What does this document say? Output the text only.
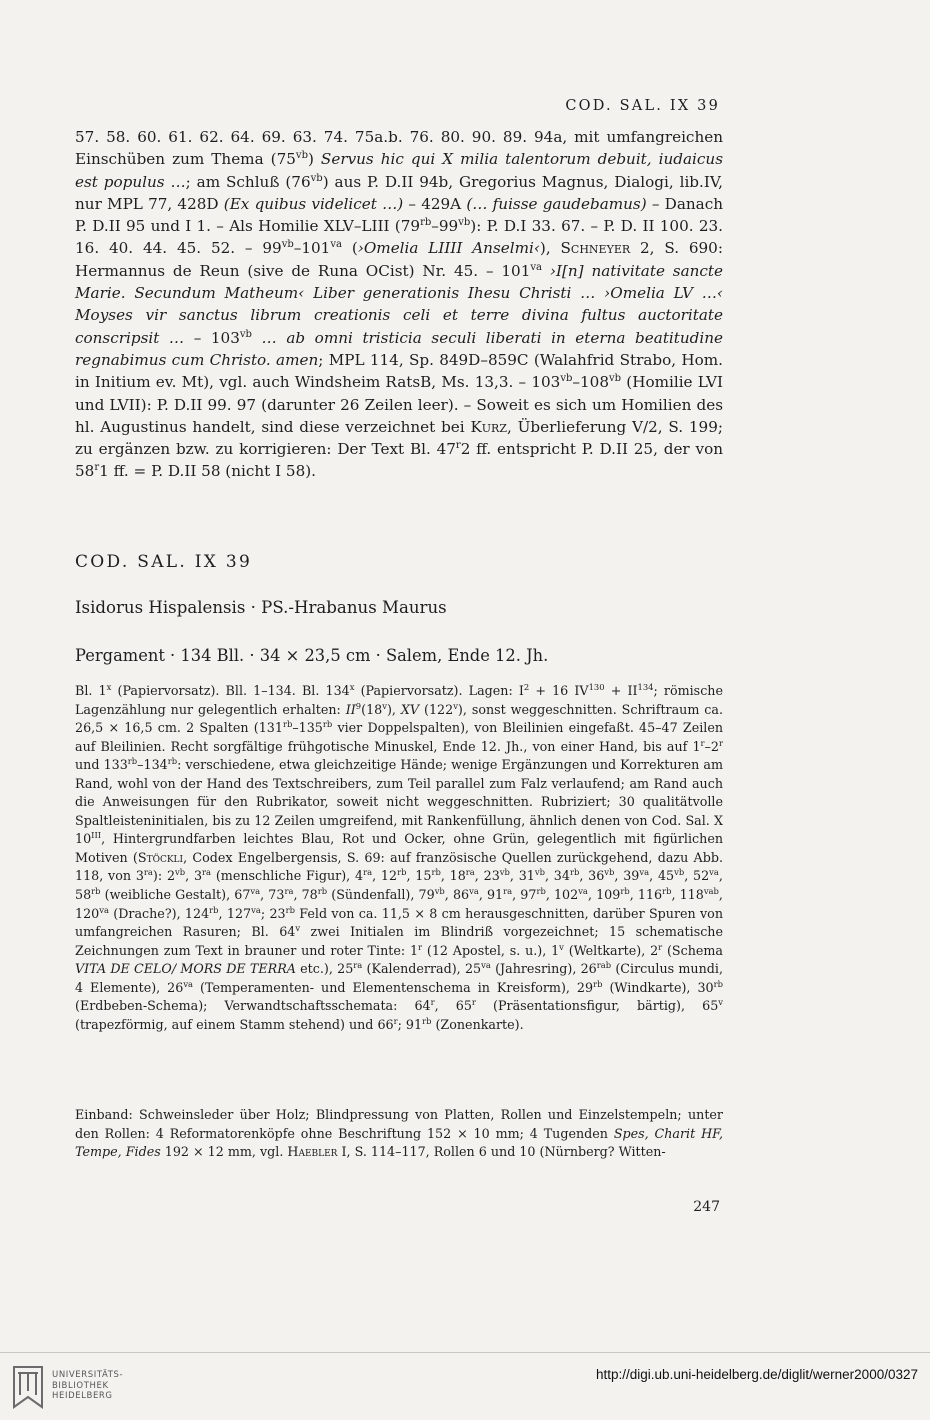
COD. SAL. IX 39

57. 58. 60. 61. 62. 64. 69. 63. 74. 75a.b. 76. 80. 90. 89. 94a, mit umfangreichen Einschüben zum Thema $(75^{vb})$ Servus hic qui X milia talentorum debuit, iudaicus est populus …; am Schluß $(76^{vb})$ aus P. D.II 94b, Gregorius Magnus, Dialogi, lib.IV, nur MPL 77, 428D (Ex quibus videlicet …) – 429A (… fuisse gaudebamus) – Danach P. D.II 95 und I 1. – Als Homilie XLV–LIII $(79^{rb}-99^{vb})$: P. D.I 33. 67. – P. D. II 100. 23. 16. 40. 44. 45. 52. – $99^{vb}-101^{va}$ (›Omelia LIIII Anselmi‹), Schneyer 2, S. 690: Hermannus de Reun (sive de Runa OCist) Nr. 45. – $101^{va}$ ›I[n] nativitate sancte Marie. Secundum Matheum‹ Liber generationis Ihesu Christi … ›Omelia LV …‹ Moyses vir sanctus librum creationis celi et terre divina fultus auctoritate conscripsit … – $103^{vb}$ … ab omni tristicia seculi liberati in eterna beatitudine regnabimus cum Christo. amen; MPL 114, Sp. 849D–859C (Walahfrid Strabo, Hom. in Initium ev. Mt), vgl. auch Windsheim RatsB, Ms. 13,3. – $103^{vb}-108^{vb}$ (Homilie LVI und LVII): P. D.II 99. 97 (darunter 26 Zeilen leer). – Soweit es sich um Homilien des hl. Augustinus handelt, sind diese verzeichnet bei Kurz, Überlieferung V/2, S. 199; zu ergänzen bzw. zu korrigieren: Der Text Bl. 47$^r$2 ff. entspricht P. D.II 25, der von 58$^r$1 ff. = P. D.II 58 (nicht I 58).

COD. SAL. IX 39
Isidorus Hispalensis · PS.-Hrabanus Maurus
Pergament · 134 Bll. · 34 × 23,5 cm · Salem, Ende 12. Jh.

Bl. 1$^x$ (Papiervorsatz). Bll. 1–134. Bl. 134$^x$ (Papiervorsatz). Lagen: $I^2 + 16$ $IV^{130} + II^{134}$; römische Lagenzählung nur gelegentlich erhalten: $II^9(18^v)$, XV (122$^v$), sonst weggeschnitten. Schriftraum ca. 26,5 × 16,5 cm. 2 Spalten ($131^{rb}-135^{rb}$ vier Doppelspalten), von Bleilinien eingefaßt. 45–47 Zeilen auf Bleilinien. Recht sorgfältige frühgotische Minuskel, Ende 12. Jh., von einer Hand, bis auf 1$^r$–2$^r$ und $133^{rb}-134^{rb}$: verschiedene, etwa gleichzeitige Hände; wenige Ergänzungen und Korrekturen am Rand, wohl von der Hand des Textschreibers, zum Teil parallel zum Falz verlaufend; am Rand auch die Anweisungen für den Rubrikator, soweit nicht weggeschnitten. Rubriziert; 30 qualitätvolle Spaltleisteninitialen, bis zu 12 Zeilen umgreifend, mit Rankenfüllung, ähnlich denen von Cod. Sal. X $10^{III}$, Hintergrundfarben leichtes Blau, Rot und Ocker, ohne Grün, gelegentlich mit figürlichen Motiven (Stöckli, Codex Engelbergensis, S. 69: auf französische Quellen zurückgehend, dazu Abb. 118, von $3^{ra}$): $2^{vb}$, $3^{ra}$ (menschliche Figur), $4^{ra}$, $12^{rb}$, $15^{rb}$, $18^{ra}$, $23^{vb}$, $31^{vb}$, $34^{rb}$, $36^{vb}$, $39^{va}$, $45^{vb}$, $52^{va}$, $58^{rb}$ (weibliche Gestalt), $67^{va}$, $73^{ra}$, $78^{rb}$ (Sündenfall), $79^{vb}$, $86^{va}$, $91^{ra}$, $97^{rb}$, $102^{va}$, $109^{rb}$, $116^{rb}$, $118^{vab}$, $120^{va}$ (Drache?), $124^{rb}$, $127^{va}$; $23^{rb}$ Feld von ca. 11,5 × 8 cm herausgeschnitten, darüber Spuren von umfangreichen Rasuren; Bl. 64$^v$ zwei Initialen im Blindriß vorgezeichnet; 15 schematische Zeichnungen zum Text in brauner und roter Tinte: 1$^r$ (12 Apostel, s. u.), 1$^v$ (Weltkarte), 2$^r$ (Schema VITA DE CELO/ MORS DE TERRA etc.), $25^{ra}$ (Kalenderrad), $25^{va}$ (Jahresring), $26^{rab}$ (Circulus mundi, 4 Elemente), $26^{va}$ (Temperamenten- und Elementenschema in Kreisform), $29^{rb}$ (Windkarte), $30^{rb}$ (Erdbeben-Schema); Verwandtschaftsschemata: 64$^r$, 65$^r$ (Präsentationsfigur, bärtig), 65$^v$ (trapezförmig, auf einem Stamm stehend) und 66$^r$; $91^{rb}$ (Zonenkarte).

Einband: Schweinsleder über Holz; Blindpressung von Platten, Rollen und Einzelstempeln; unter den Rollen: 4 Reformatorenköpfe ohne Beschriftung 152 × 10 mm; 4 Tugenden Spes, Charit HF, Tempe, Fides 192 × 12 mm, vgl. Haebler I, S. 114–117, Rollen 6 und 10 (Nürnberg? Witten-

247
UNIVERSITÄTS-
BIBLIOTHEK
HEIDELBERG
http://digi.ub.uni-heidelberg.de/diglit/werner2000/0327
